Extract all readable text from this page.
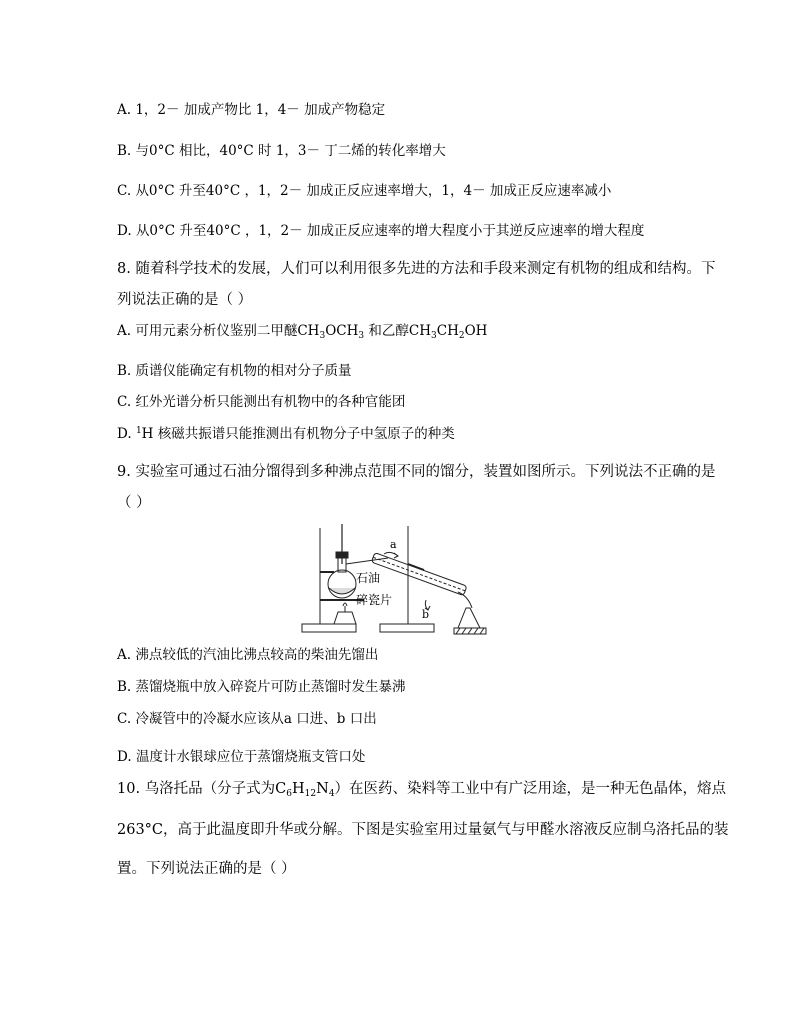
A. 1，2－ 加成产物比 1，4－ 加成产物稳定
B. 与0°C 相比，40°C 时 1，3－ 丁二烯的转化率增大
C. 从0°C 升至40°C ，1，2－ 加成正反应速率增大，1，4－ 加成正反应速率减小
D. 从0°C 升至40°C ，1，2－ 加成正反应速率的增大程度小于其逆反应速率的增大程度
8. 随着科学技术的发展，人们可以利用很多先进的方法和手段来测定有机物的组成和结构。下
列说法正确的是（ ）
A. 可用元素分析仪鉴别二甲醚$CH_3OCH_3$ 和乙醇$CH_3CH_2OH$
B. 质谱仪能确定有机物的相对分子质量
C. 红外光谱分析只能测出有机物中的各种官能团
D. $^1$H 核磁共振谱只能推测出有机物分子中氢原子的种类
9. 实验室可通过石油分馏得到多种沸点范围不同的馏分，装置如图所示。下列说法不正确的是
（ ）
石油
碎瓷片
a
b
A. 沸点较低的汽油比沸点较高的柴油先馏出
B. 蒸馏烧瓶中放入碎瓷片可防止蒸馏时发生暴沸
C. 冷凝管中的冷凝水应该从a 口进、b 口出
D. 温度计水银球应位于蒸馏烧瓶支管口处
10. 乌洛托品（分子式为$C_6H_{12}N_4$）在医药、染料等工业中有广泛用途，是一种无色晶体，熔点
263°C，高于此温度即升华或分解。下图是实验室用过量氨气与甲醛水溶液反应制乌洛托品的装
置。下列说法正确的是（ ）
